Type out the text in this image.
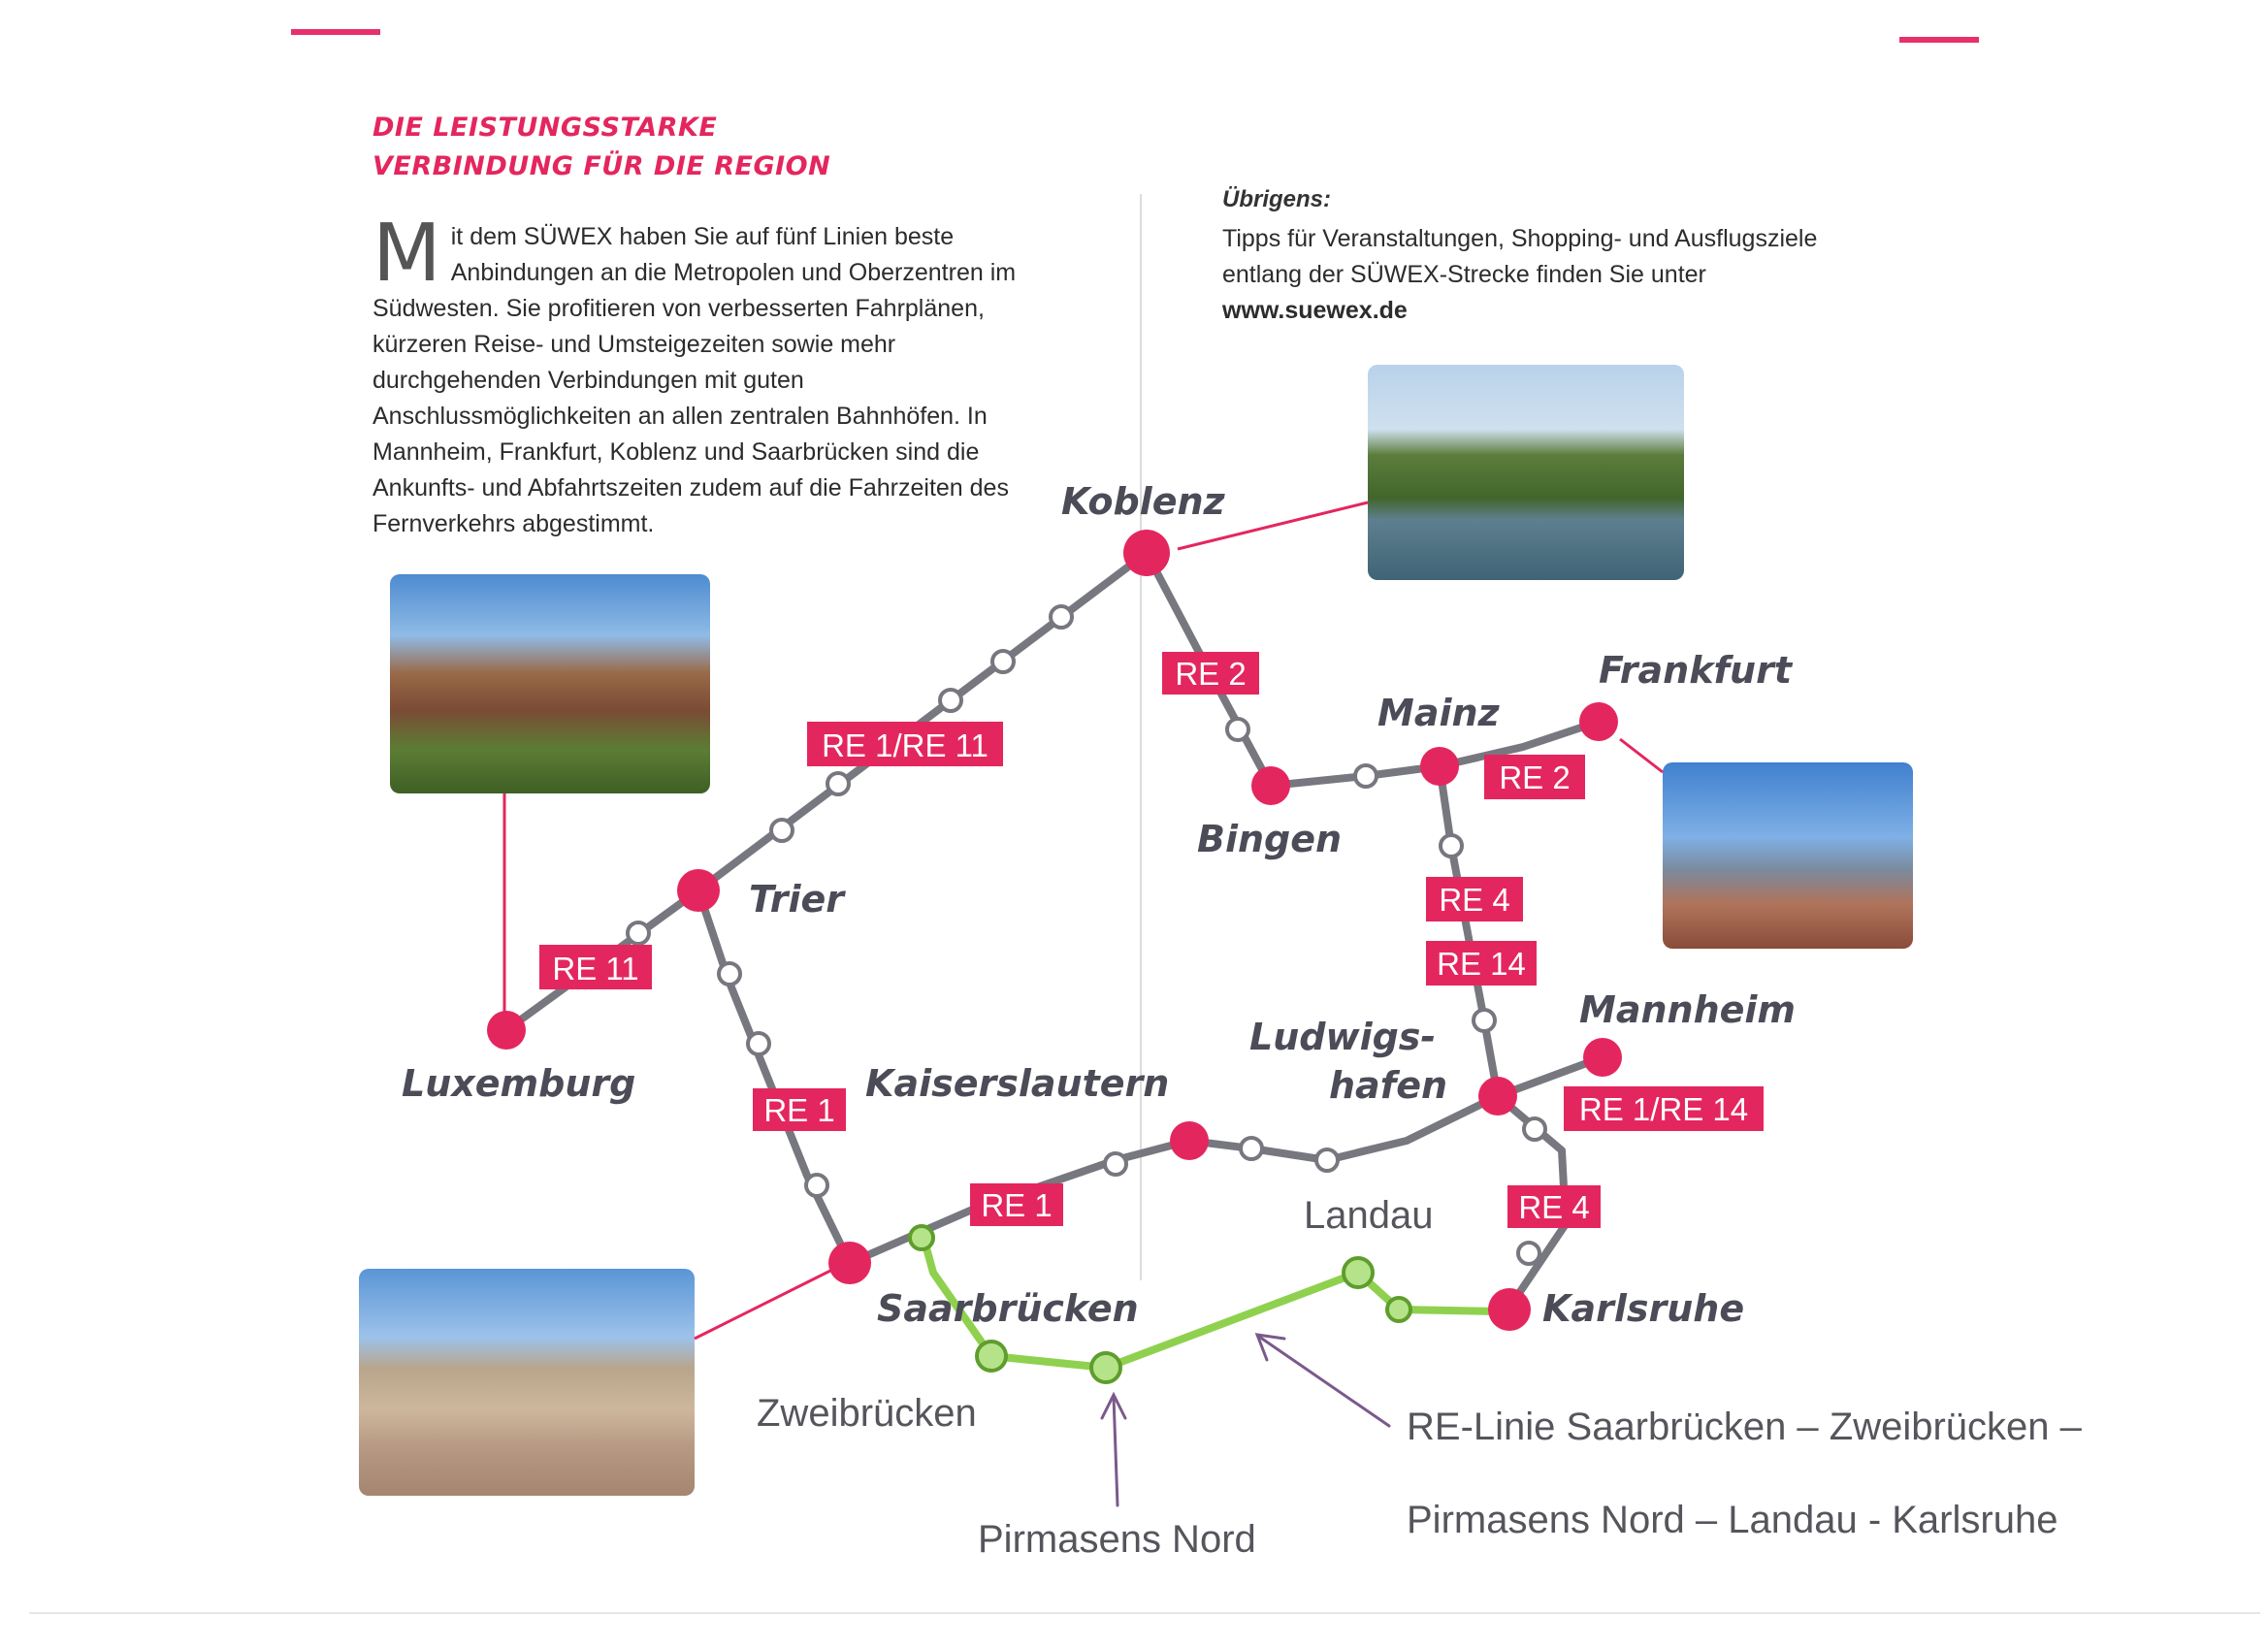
DIE LEISTUNGSSTARKE
VERBINDUNG FÜR DIE REGION
Mit dem SÜWEX haben Sie auf fünf Linien beste Anbindungen an die Metropolen und Oberzentren im Südwesten. Sie profitieren von verbesserten Fahrplänen, kürzeren Reise- und Umsteigezeiten sowie mehr durchgehenden Verbindungen mit guten Anschlussmöglichkeiten an allen zentralen Bahnhöfen. In Mannheim, Frankfurt, Koblenz und Saarbrücken sind die Ankunfts- und Abfahrtszeiten zudem auf die Fahrzeiten des Fernverkehrs abgestimmt.
Übrigens:
Tipps für Veranstaltungen, Shopping- und Ausflugsziele entlang der SÜWEX-Strecke finden Sie unter
www.suewex.de
RE 1/RE 11
RE 11
RE 2
RE 2
RE 4
RE 14
RE 1
RE 1
RE 1/RE 14
RE 4
Koblenz
Frankfurt
Mainz
Bingen
Trier
Luxemburg	Kaiserslautern
Ludwigs-
hafen
Mannheim
Saarbrücken	Karlsruhe
Landau
Zweibrücken
Pirmasens Nord
RE-Linie Saarbrücken – Zweibrücken –
Pirmasens Nord – Landau - Karlsruhe
